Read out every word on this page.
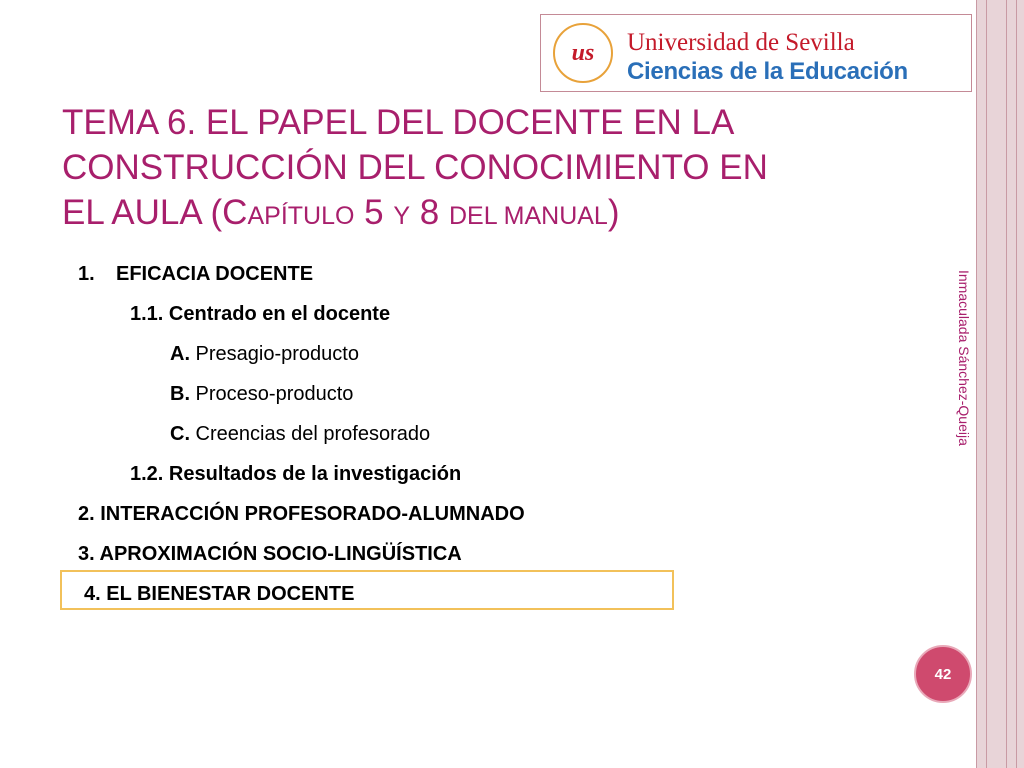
us Universidad de Sevilla
Ciencias de la Educación
TEMA 6. EL PAPEL DEL DOCENTE EN LA
CONSTRUCCIÓN DEL CONOCIMIENTO EN
EL AULA (CAPÍTULO 5 Y 8 DEL MANUAL)
1. EFICACIA DOCENTE
1.1. Centrado en el docente
A. Presagio-producto
B. Proceso-producto
C. Creencias del profesorado
1.2. Resultados de la investigación
2. INTERACCIÓN PROFESORADO-ALUMNADO
3. APROXIMACIÓN SOCIO-LINGÜÍSTICA
4. EL BIENESTAR DOCENTE
Inmaculada Sánchez-Queija
42
